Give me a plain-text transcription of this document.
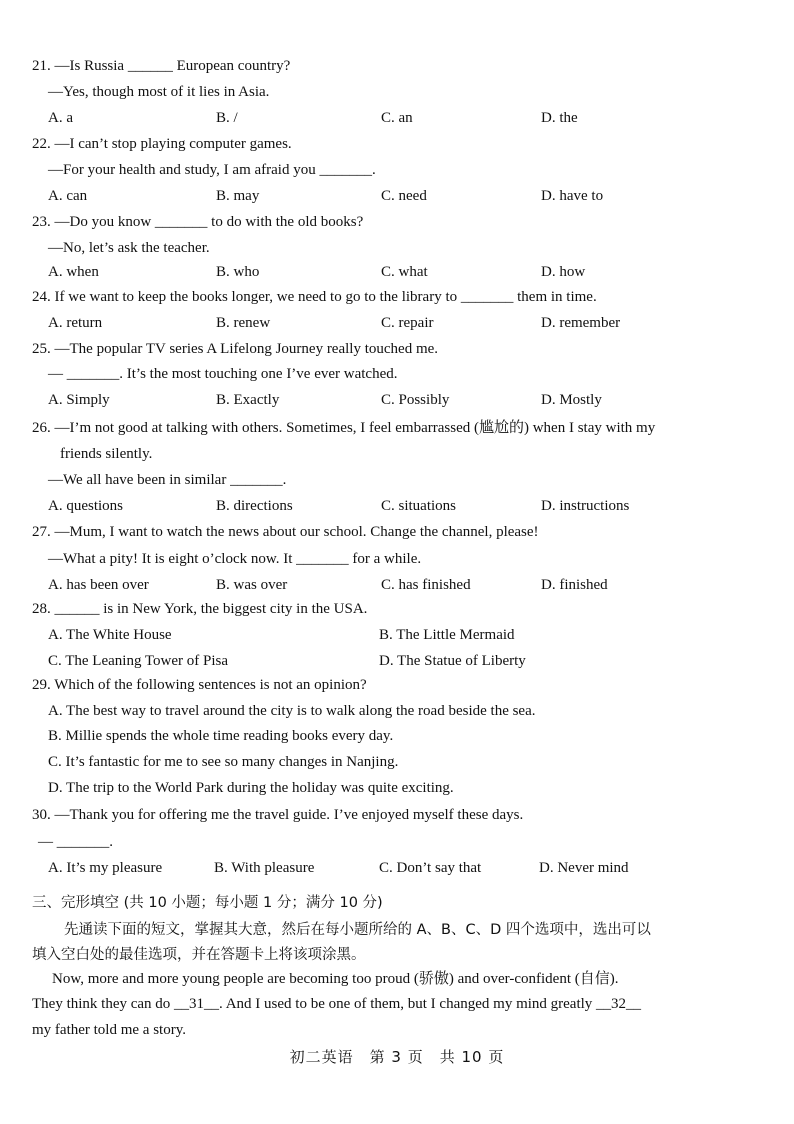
21. —Is Russia ______ European country?
—Yes, though most of it lies in Asia.
A. a	B. /	C. an	D. the
22. —I can’t stop playing computer games.
—For your health and study, I am afraid you _______.
A. can	B. may	C. need	D. have to
23. —Do you know _______ to do with the old books?
—No, let’s ask the teacher.
A. when	B. who	C. what	D. how
24. If we want to keep the books longer, we need to go to the library to _______ them in time.
A. return	B. renew	C. repair	D. remember
25. —The popular TV series A Lifelong Journey really touched me.
— _______. It’s the most touching one I’ve ever watched.
A. Simply	B. Exactly	C. Possibly	D. Mostly
26. —I’m not good at talking with others. Sometimes, I feel embarrassed (尴尬的) when I stay with my
friends silently.
—We all have been in similar _______.
A. questions	B. directions	C. situations	D. instructions
27. —Mum, I want to watch the news about our school. Change the channel, please!
—What a pity! It is eight o’clock now. It _______ for a while.
A. has been over	B. was over	C. has finished	D. finished
28. ______ is in New York, the biggest city in the USA.
A. The White House	B. The Little Mermaid
C. The Leaning Tower of Pisa	D. The Statue of Liberty
29. Which of the following sentences is not an opinion?
A. The best way to travel around the city is to walk along the road beside the sea.
B. Millie spends the whole time reading books every day.
C. It’s fantastic for me to see so many changes in Nanjing.
D. The trip to the World Park during the holiday was quite exciting.
30. —Thank you for offering me the travel guide. I’ve enjoyed myself these days.
— _______.
A. It’s my pleasure	B. With pleasure	C. Don’t say that	D. Never mind
三、完形填空 (共 10 小题；每小题 1 分；满分 10 分)
先通读下面的短文，掌握其大意，然后在每小题所给的 A、B、C、D 四个选项中，选出可以
填入空白处的最佳选项，并在答题卡上将该项涂黑。
Now, more and more young people are becoming too proud (骄傲) and over-confident (自信).
They think they can do __31__. And I used to be one of them, but I changed my mind greatly __32__
my father told me a story.
初二英语　第 3 页　共 10 页
